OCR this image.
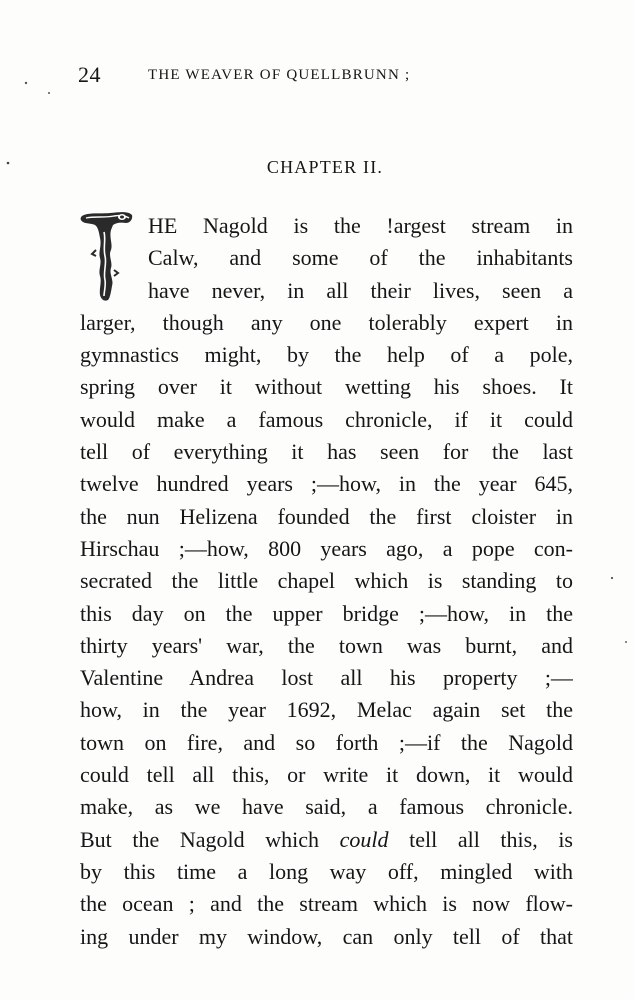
24	THE WEAVER OF QUELLBRUNN ;
CHAPTER II.
HE Nagold is the !argest stream in
Calw, and some of the inhabitants
have never, in all their lives, seen a
larger, though any one tolerably expert in
gymnastics might, by the help of a pole,
spring over it without wetting his shoes. It
would make a famous chronicle, if it could
tell of everything it has seen for the last
twelve hundred years ;—how, in the year 645,
the nun Helizena founded the first cloister in
Hirschau ;—how, 800 years ago, a pope con-
secrated the little chapel which is standing to
this day on the upper bridge ;—how, in the
thirty years' war, the town was burnt, and
Valentine Andrea lost all his property ;—
how, in the year 1692, Melac again set the
town on fire, and so forth ;—if the Nagold
could tell all this, or write it down, it would
make, as we have said, a famous chronicle.
But the Nagold which could tell all this, is
by this time a long way off, mingled with
the ocean ; and the stream which is now flow-
ing under my window, can only tell of that
